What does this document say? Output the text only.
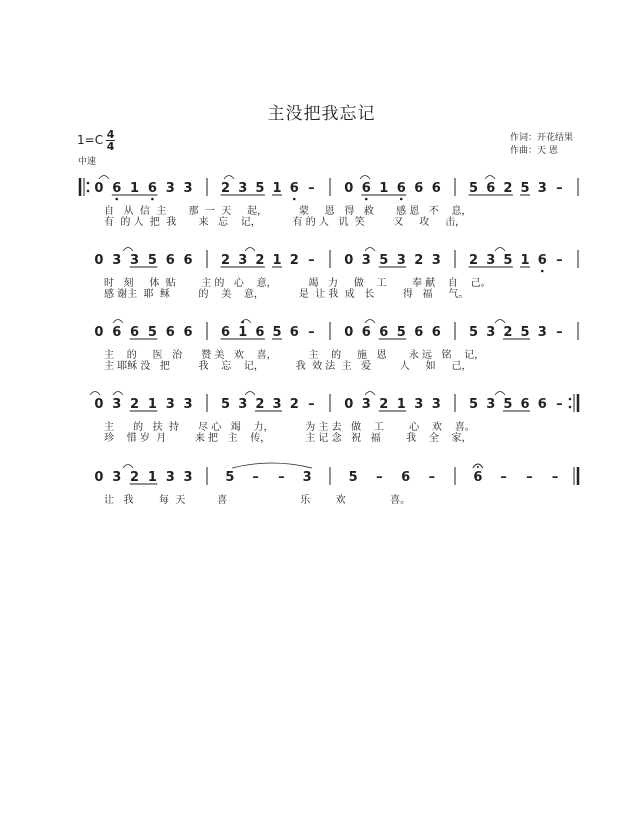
主没把我忘记
$1=C \frac{4}{4}$
中速
作词：开花结果
作曲：天 恩
0 6 1 6 3 3 2 3 5 1 6 – 0 6 1 6 6 6 5 6 2 5 3 –
0 3 3 5 6 6 2 3 2 1 2 – 0 3 5 3 2 3 2 3 5 1 6 –
0 6 6 5 6 6 6 1 6 5 6 – 0 6 6 5 6 6 5 3 2 5 3 –
0 3 2 1 3 3 5 3 2 3 2 – 0 3 2 1 3 3 5 3 5 6 6 –
0 3 2 1 3 3	5 – – 3	5 – 6 –	6 – – –
自   从  信  主       那  一  天     起，          蒙     恩   得   救       感 恩   不    息，
有  的 人  把  我       来   忘    记，          有 的 人   讥  笑         又     攻     击，
时   刻     体  贴        主 的   心    意，          竭   力     做    工        奉 献    自    己。
感 谢主  耶  稣         的    美    意，           是  让 我  成   长         得   福     气。
主    的     医   治      赞 美   欢    喜，          主    的     施   恩       永 远   铭    记，
主 耶稣 没   把         我    忘    记，          我  效 法  主   爱         人     如     己，
主      的   扶  持      尽 心   竭    力，          为 主 去   做    工        心    欢    喜。
珍    惜 岁  月         来 把   主    传，           主 记 念   祝   福        我    全    家，
让   我        每  天          喜                       乐        欢              喜。
